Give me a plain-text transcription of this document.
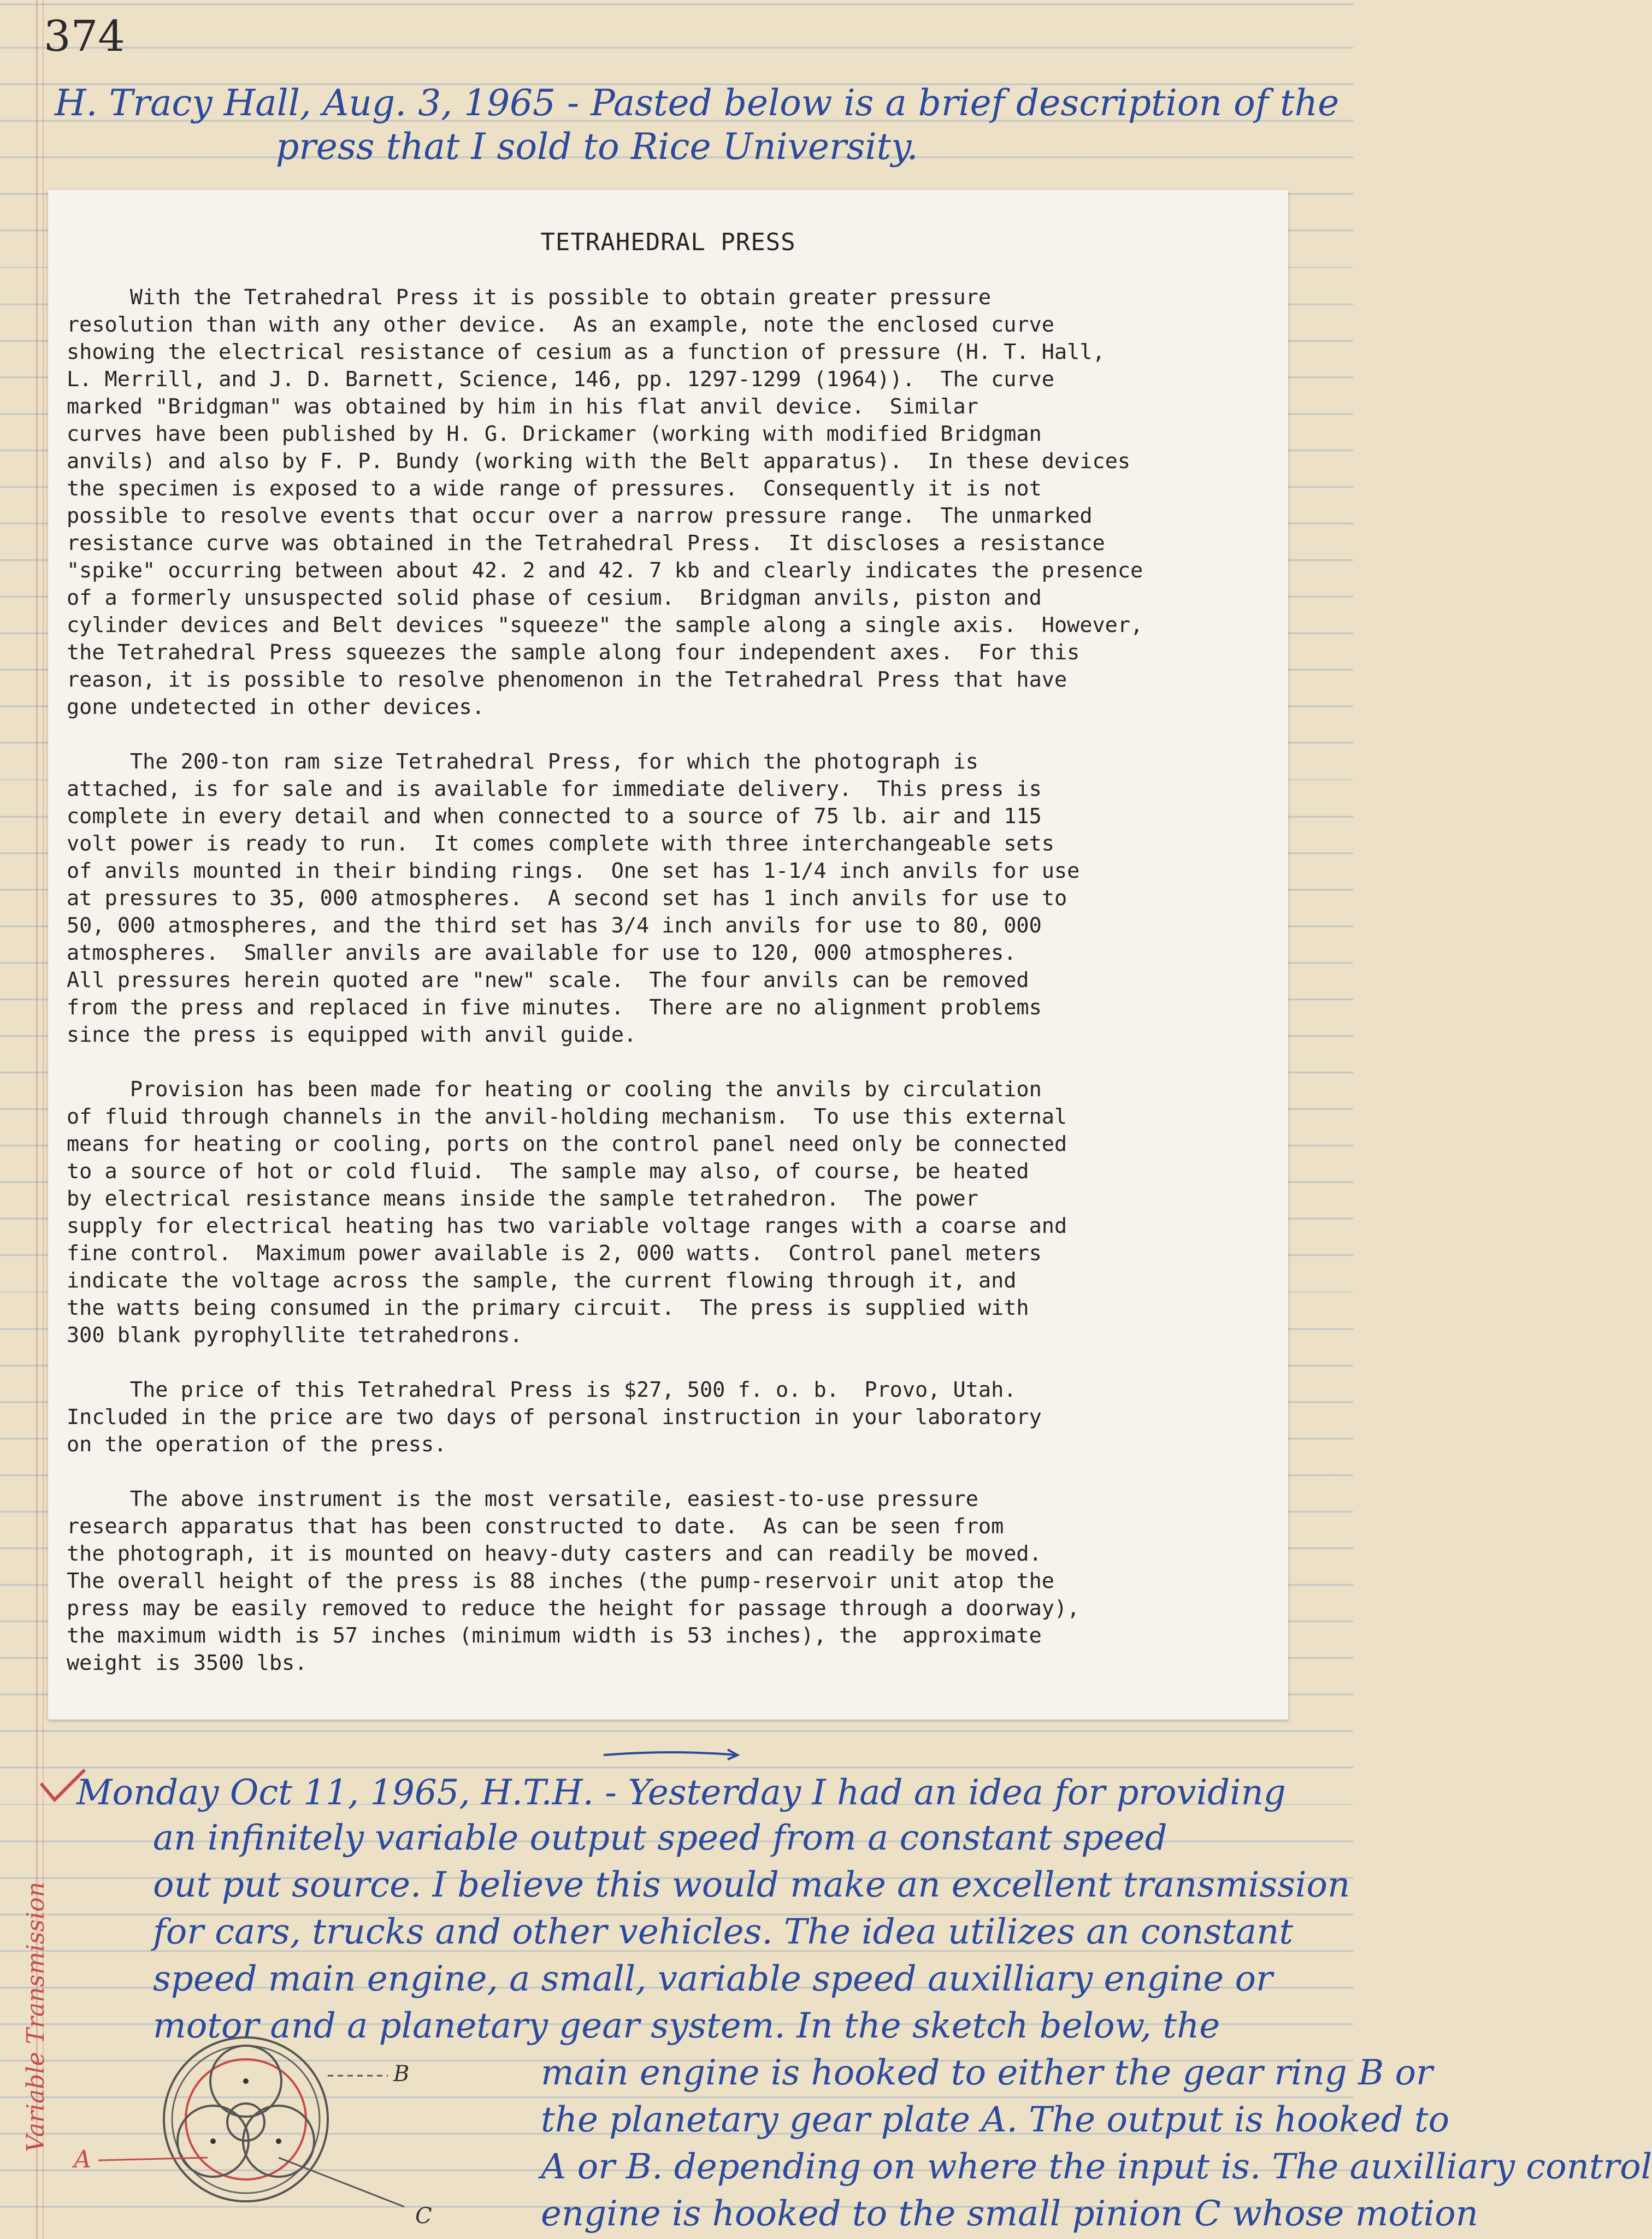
374
H. Tracy Hall, Aug. 3, 1965 - Pasted below is a brief description of the
press that I sold to Rice University.
TETRAHEDRAL PRESS

With the Tetrahedral Press it is possible to obtain greater pressure
resolution than with any other device.  As an example, note the enclosed curve
showing the electrical resistance of cesium as a function of pressure (H. T. Hall,
L. Merrill, and J. D. Barnett, Science, 146, pp. 1297-1299 (1964)).  The curve
marked "Bridgman" was obtained by him in his flat anvil device.  Similar
curves have been published by H. G. Drickamer (working with modified Bridgman
anvils) and also by F. P. Bundy (working with the Belt apparatus).  In these devices
the specimen is exposed to a wide range of pressures.  Consequently it is not
possible to resolve events that occur over a narrow pressure range.  The unmarked
resistance curve was obtained in the Tetrahedral Press.  It discloses a resistance
"spike" occurring between about 42. 2 and 42. 7 kb and clearly indicates the presence
of a formerly unsuspected solid phase of cesium.  Bridgman anvils, piston and
cylinder devices and Belt devices "squeeze" the sample along a single axis.  However,
the Tetrahedral Press squeezes the sample along four independent axes.  For this
reason, it is possible to resolve phenomenon in the Tetrahedral Press that have
gone undetected in other devices.

The 200-ton ram size Tetrahedral Press, for which the photograph is
attached, is for sale and is available for immediate delivery.  This press is
complete in every detail and when connected to a source of 75 lb. air and 115
volt power is ready to run.  It comes complete with three interchangeable sets
of anvils mounted in their binding rings.  One set has 1-1/4 inch anvils for use
at pressures to 35, 000 atmospheres.  A second set has 1 inch anvils for use to
50, 000 atmospheres, and the third set has 3/4 inch anvils for use to 80, 000
atmospheres.  Smaller anvils are available for use to 120, 000 atmospheres.
All pressures herein quoted are "new" scale.  The four anvils can be removed
from the press and replaced in five minutes.  There are no alignment problems
since the press is equipped with anvil guide.

Provision has been made for heating or cooling the anvils by circulation
of fluid through channels in the anvil-holding mechanism.  To use this external
means for heating or cooling, ports on the control panel need only be connected
to a source of hot or cold fluid.  The sample may also, of course, be heated
by electrical resistance means inside the sample tetrahedron.  The power
supply for electrical heating has two variable voltage ranges with a coarse and
fine control.  Maximum power available is 2, 000 watts.  Control panel meters
indicate the voltage across the sample, the current flowing through it, and
the watts being consumed in the primary circuit.  The press is supplied with
300 blank pyrophyllite tetrahedrons.

The price of this Tetrahedral Press is $27, 500 f. o. b.  Provo, Utah.
Included in the price are two days of personal instruction in your laboratory
on the operation of the press.

The above instrument is the most versatile, easiest-to-use pressure
research apparatus that has been constructed to date.  As can be seen from
the photograph, it is mounted on heavy-duty casters and can readily be moved.
The overall height of the press is 88 inches (the pump-reservoir unit atop the
press may be easily removed to reduce the height for passage through a doorway),
the maximum width is 57 inches (minimum width is 53 inches), the  approximate
weight is 3500 lbs.

Monday Oct 11, 1965, H.T.H. - Yesterday I had an idea for providing
an infinitely variable output speed from a constant speed
out put source. I believe this would make an excellent transmission
for cars, trucks and other vehicles. The idea utilizes an constant
speed main engine, a small, variable speed auxilliary engine or
motor and a planetary gear system. In the sketch below, the
main engine is hooked to either the gear ring B or
the planetary gear plate A. The output is hooked to
A or B. depending on where the input is. The auxilliary control
engine is hooked to the small pinion C whose motion
Variable Transmission	B
C
A
